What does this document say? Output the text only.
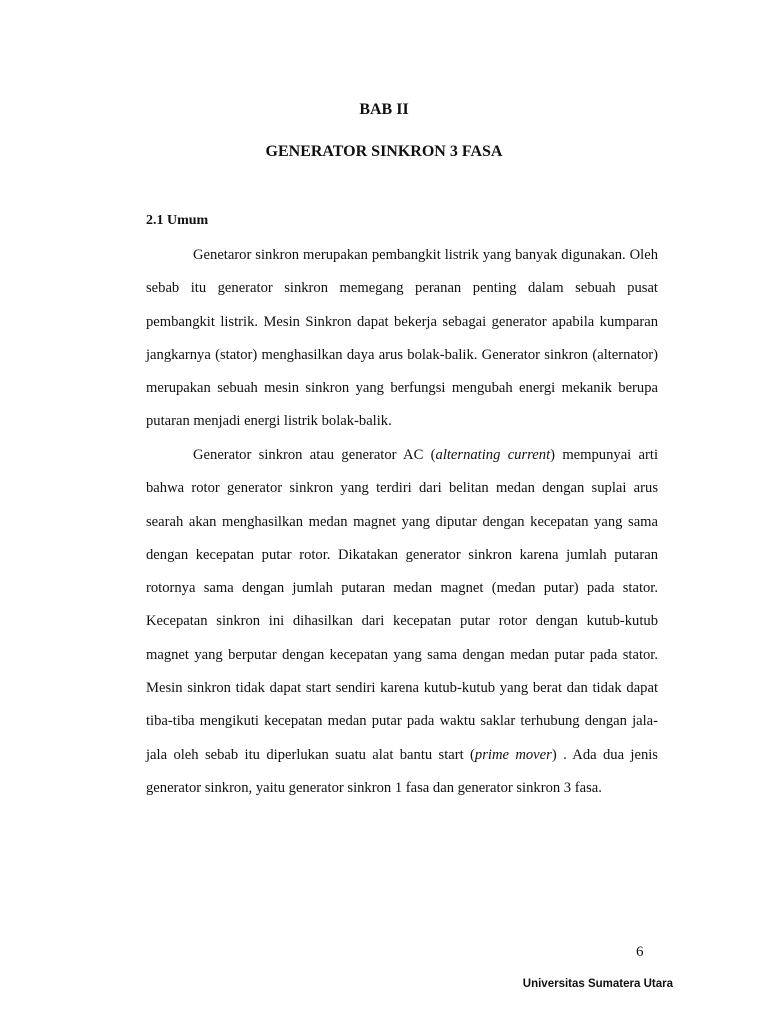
BAB II
GENERATOR SINKRON 3 FASA
2.1 Umum

Genetaror sinkron merupakan pembangkit listrik yang banyak digunakan. Oleh sebab itu generator sinkron memegang peranan penting dalam sebuah pusat pembangkit listrik. Mesin Sinkron dapat bekerja sebagai generator apabila kumparan jangkarnya (stator) menghasilkan daya arus bolak-balik. Generator sinkron (alternator) merupakan sebuah mesin sinkron yang berfungsi mengubah energi mekanik berupa putaran menjadi energi listrik bolak-balik.

Generator sinkron atau generator AC (alternating current) mempunyai arti bahwa rotor generator sinkron yang terdiri dari belitan medan dengan suplai arus searah akan menghasilkan medan magnet yang diputar dengan kecepatan yang sama dengan kecepatan putar rotor. Dikatakan generator sinkron karena jumlah putaran rotornya sama dengan jumlah putaran medan magnet (medan putar) pada stator. Kecepatan sinkron ini dihasilkan dari kecepatan putar rotor dengan kutub-kutub magnet yang berputar dengan kecepatan yang sama dengan medan putar pada stator. Mesin sinkron tidak dapat start sendiri karena kutub-kutub yang berat dan tidak dapat tiba-tiba mengikuti kecepatan medan putar pada waktu saklar terhubung dengan jala-jala oleh sebab itu diperlukan suatu alat bantu start (prime mover) . Ada dua jenis generator sinkron, yaitu generator sinkron 1 fasa dan generator sinkron 3 fasa.

6

Universitas Sumatera Utara
